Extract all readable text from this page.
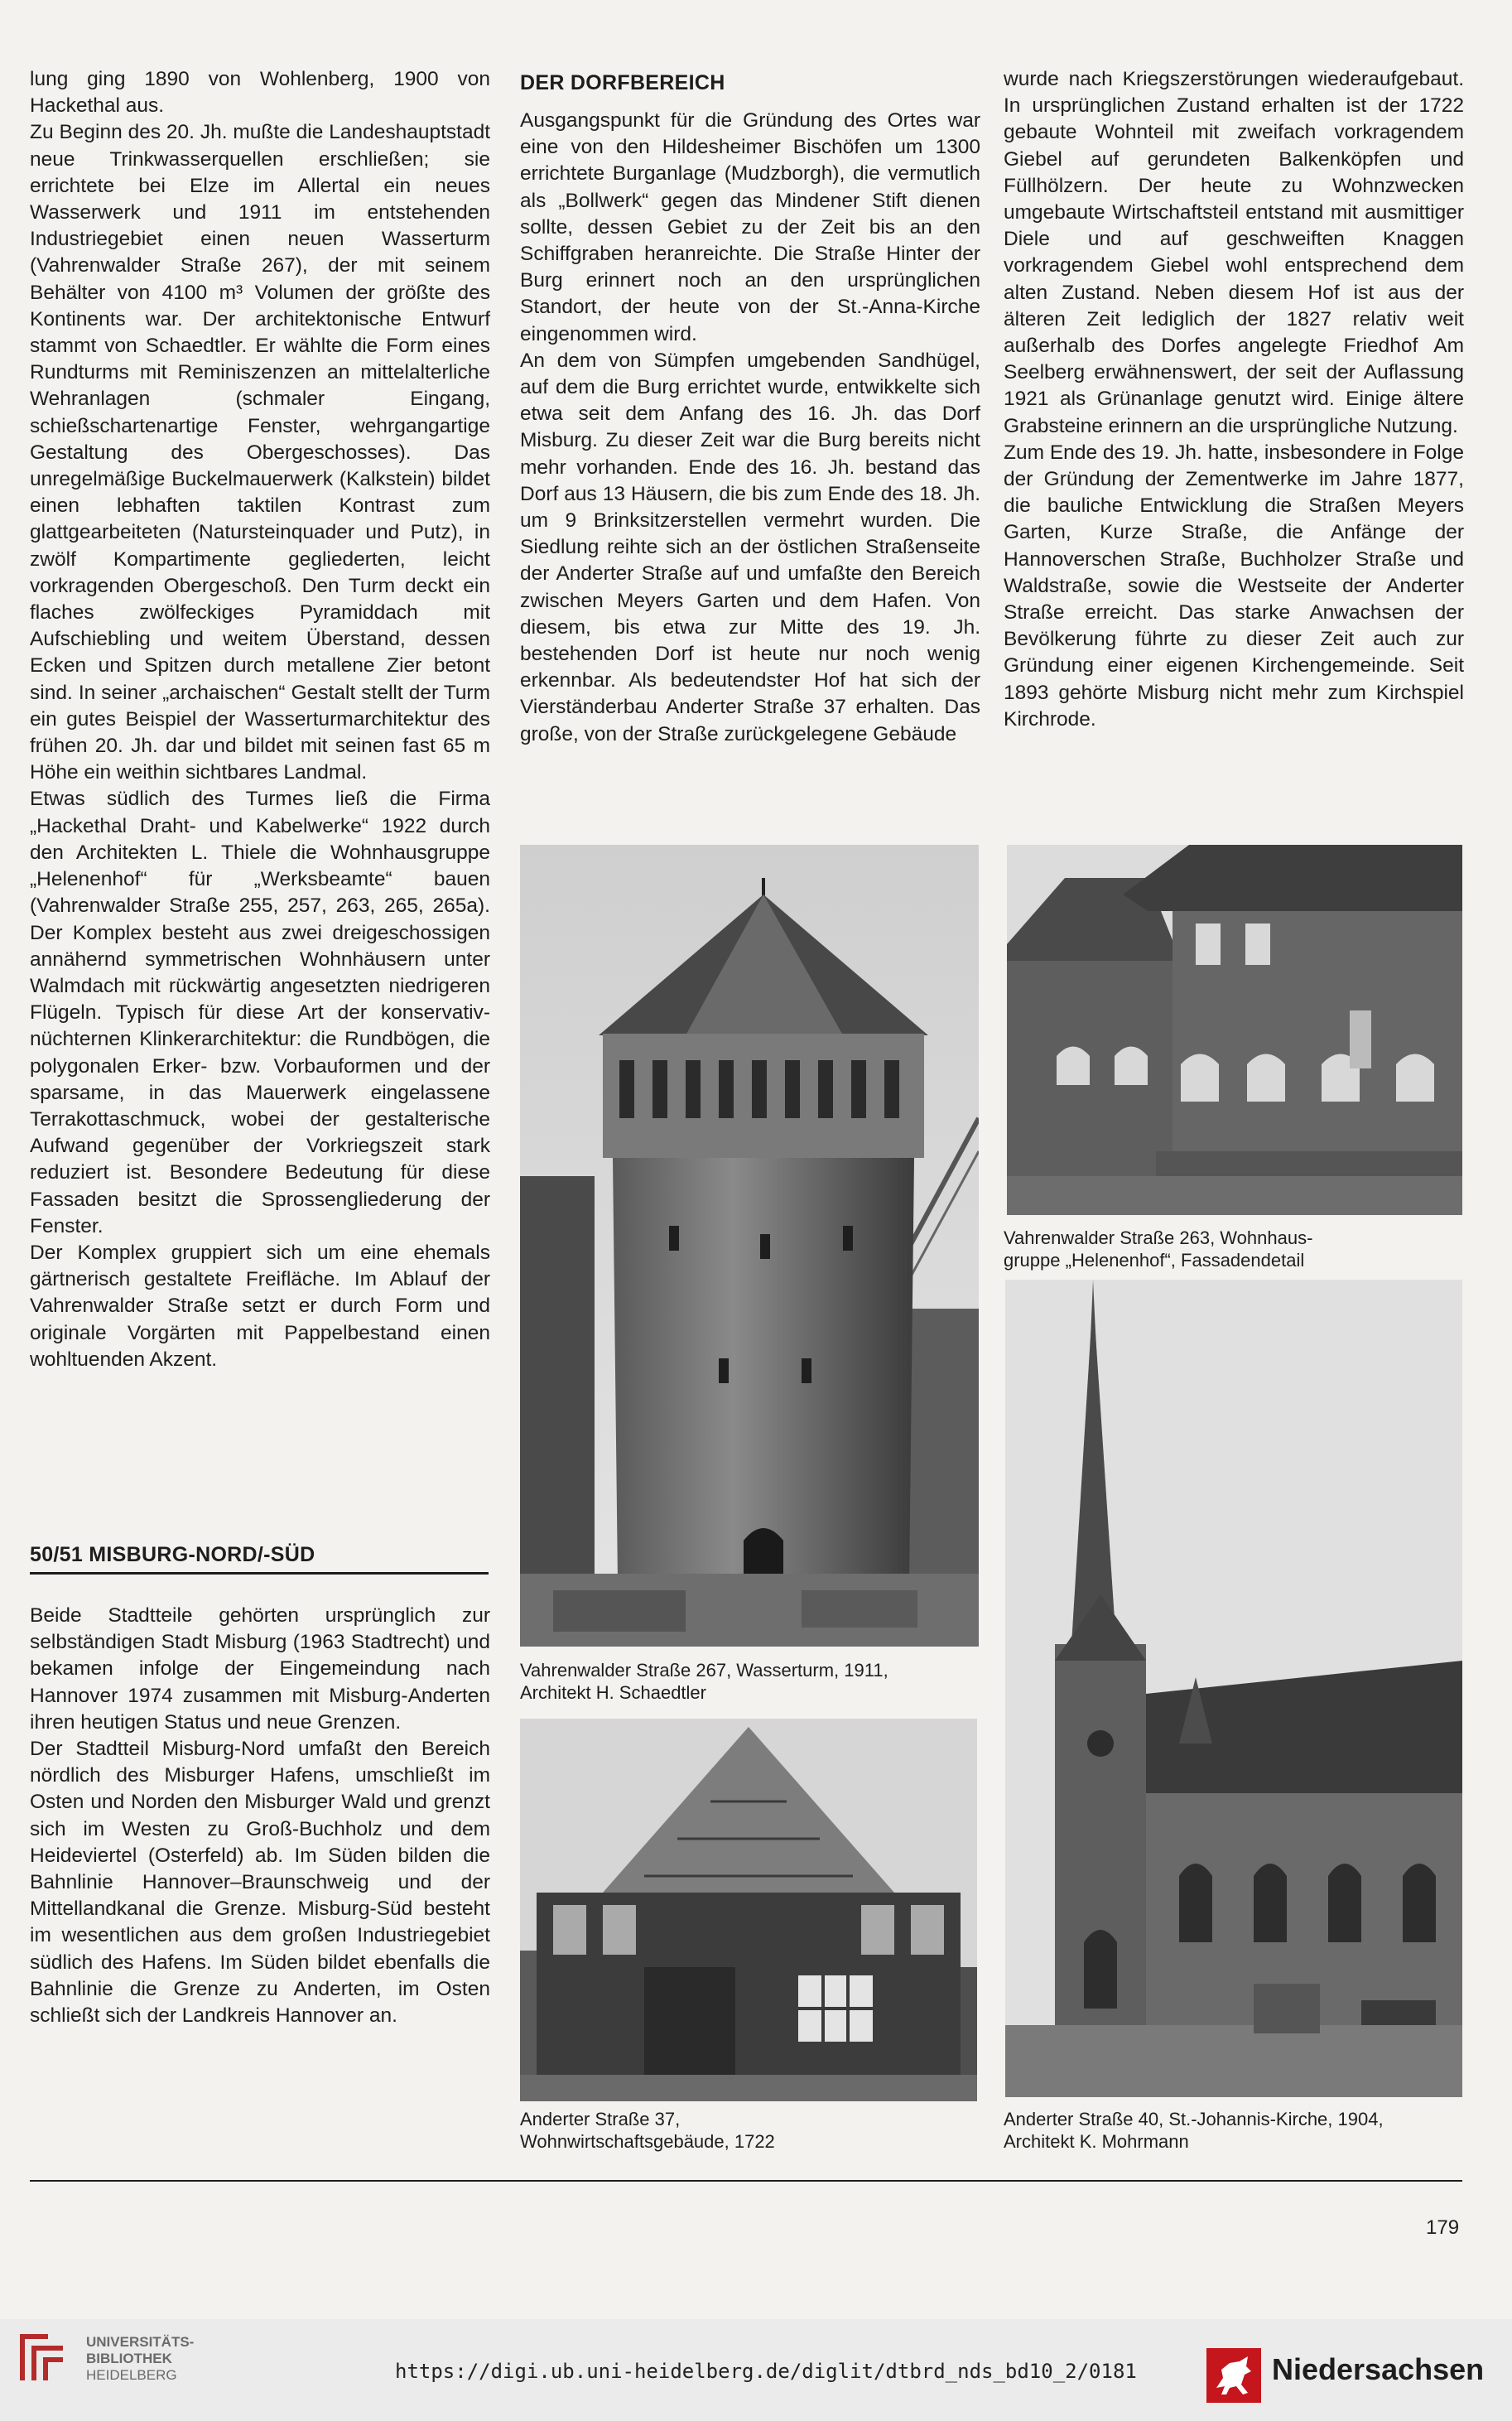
lung ging 1890 von Wohlenberg, 1900 von Hackethal aus.

Zu Beginn des 20. Jh. mußte die Landeshauptstadt neue Trinkwasserquellen erschließen; sie errichtete bei Elze im Allertal ein neues Wasserwerk und 1911 im entstehenden Industriegebiet einen neuen Wasserturm (Vahrenwalder Straße 267), der mit seinem Behälter von 4100 m³ Volumen der größte des Kontinents war. Der architektonische Entwurf stammt von Schaedtler. Er wählte die Form eines Rundturms mit Reminiszenzen an mittelalterliche Wehranlagen (schmaler Eingang, schießschartenartige Fenster, wehrgangartige Gestaltung des Obergeschosses). Das unregelmäßige Buckelmauerwerk (Kalkstein) bildet einen lebhaften taktilen Kontrast zum glattgearbeiteten (Natursteinquader und Putz), in zwölf Kompartimente gegliederten, leicht vorkragenden Obergeschoß. Den Turm deckt ein flaches zwölfeckiges Pyramiddach mit Aufschiebling und weitem Überstand, dessen Ecken und Spitzen durch metallene Zier betont sind. In seiner „archaischen“ Gestalt stellt der Turm ein gutes Beispiel der Wasserturmarchitektur des frühen 20. Jh. dar und bildet mit seinen fast 65 m Höhe ein weithin sichtbares Landmal.

Etwas südlich des Turmes ließ die Firma „Hackethal Draht- und Kabelwerke“ 1922 durch den Architekten L. Thiele die Wohnhausgruppe „Helenenhof“ für „Werksbeamte“ bauen (Vahrenwalder Straße 255, 257, 263, 265, 265a). Der Komplex besteht aus zwei dreigeschossigen annähernd symmetrischen Wohnhäusern unter Walmdach mit rückwärtig angesetzten niedrigeren Flügeln. Typisch für diese Art der konservativ-nüchternen Klinkerarchitektur: die Rundbögen, die polygonalen Erker- bzw. Vorbauformen und der sparsame, in das Mauerwerk eingelassene Terrakottaschmuck, wobei der gestalterische Aufwand gegenüber der Vorkriegszeit stark reduziert ist. Besondere Bedeutung für diese Fassaden besitzt die Sprossengliederung der Fenster.

Der Komplex gruppiert sich um eine ehemals gärtnerisch gestaltete Freifläche. Im Ablauf der Vahrenwalder Straße setzt er durch Form und originale Vorgärten mit Pappelbestand einen wohltuenden Akzent.

50/51 MISBURG-NORD/-SÜD

Beide Stadtteile gehörten ursprünglich zur selbständigen Stadt Misburg (1963 Stadtrecht) und bekamen infolge der Eingemeindung nach Hannover 1974 zusammen mit Misburg-Anderten ihren heutigen Status und neue Grenzen.

Der Stadtteil Misburg-Nord umfaßt den Bereich nördlich des Misburger Hafens, umschließt im Osten und Norden den Misburger Wald und grenzt sich im Westen zu Groß-Buchholz und dem Heideviertel (Osterfeld) ab. Im Süden bilden die Bahnlinie Hannover–Braunschweig und der Mittellandkanal die Grenze. Misburg-Süd besteht im wesentlichen aus dem großen Industriegebiet südlich des Hafens. Im Süden bildet ebenfalls die Bahnlinie die Grenze zu Anderten, im Osten schließt sich der Landkreis Hannover an.

DER DORFBEREICH

Ausgangspunkt für die Gründung des Ortes war eine von den Hildesheimer Bischöfen um 1300 errichtete Burganlage (Mudzborgh), die vermutlich als „Bollwerk“ gegen das Mindener Stift dienen sollte, dessen Gebiet zu der Zeit bis an den Schiffgraben heranreichte. Die Straße Hinter der Burg erinnert noch an den ursprünglichen Standort, der heute von der St.-Anna-Kirche eingenommen wird.

An dem von Sümpfen umgebenden Sandhügel, auf dem die Burg errichtet wurde, entwikkelte sich etwa seit dem Anfang des 16. Jh. das Dorf Misburg. Zu dieser Zeit war die Burg bereits nicht mehr vorhanden. Ende des 16. Jh. bestand das Dorf aus 13 Häusern, die bis zum Ende des 18. Jh. um 9 Brinksitzerstellen vermehrt wurden. Die Siedlung reihte sich an der östlichen Straßenseite der Anderter Straße auf und umfaßte den Bereich zwischen Meyers Garten und dem Hafen. Von diesem, bis etwa zur Mitte des 19. Jh. bestehenden Dorf ist heute nur noch wenig erkennbar. Als bedeutendster Hof hat sich der Vierständerbau Anderter Straße 37 erhalten. Das große, von der Straße zurückgelegene Gebäude

wurde nach Kriegszerstörungen wiederaufgebaut. In ursprünglichen Zustand erhalten ist der 1722 gebaute Wohnteil mit zweifach vorkragendem Giebel auf gerundeten Balkenköpfen und Füllhölzern. Der heute zu Wohnzwecken umgebaute Wirtschaftsteil entstand mit ausmittiger Diele und auf geschweiften Knaggen vorkragendem Giebel wohl entsprechend dem alten Zustand. Neben diesem Hof ist aus der älteren Zeit lediglich der 1827 relativ weit außerhalb des Dorfes angelegte Friedhof Am Seelberg erwähnenswert, der seit der Auflassung 1921 als Grünanlage genutzt wird. Einige ältere Grabsteine erinnern an die ursprüngliche Nutzung.

Zum Ende des 19. Jh. hatte, insbesondere in Folge der Gründung der Zementwerke im Jahre 1877, die bauliche Entwicklung die Straßen Meyers Garten, Kurze Straße, die Anfänge der Hannoverschen Straße, Buchholzer Straße und Waldstraße, sowie die Westseite der Anderter Straße erreicht. Das starke Anwachsen der Bevölkerung führte zu dieser Zeit auch zur Gründung einer eigenen Kirchengemeinde. Seit 1893 gehörte Misburg nicht mehr zum Kirchspiel Kirchrode.

Vahrenwalder Straße 267, Wasserturm, 1911,
Architekt H. Schaedtler
Vahrenwalder Straße 263, Wohnhaus-
gruppe „Helenenhof“, Fassadendetail
Anderter Straße 37,
Wohnwirtschaftsgebäude, 1722
Anderter Straße 40, St.-Johannis-Kirche, 1904,
Architekt K. Mohrmann
179
UNIVERSITÄTS-
BIBLIOTHEK
HEIDELBERG	https://digi.ub.uni-heidelberg.de/diglit/dtbrd_nds_bd10_2/0181	Niedersachsen
